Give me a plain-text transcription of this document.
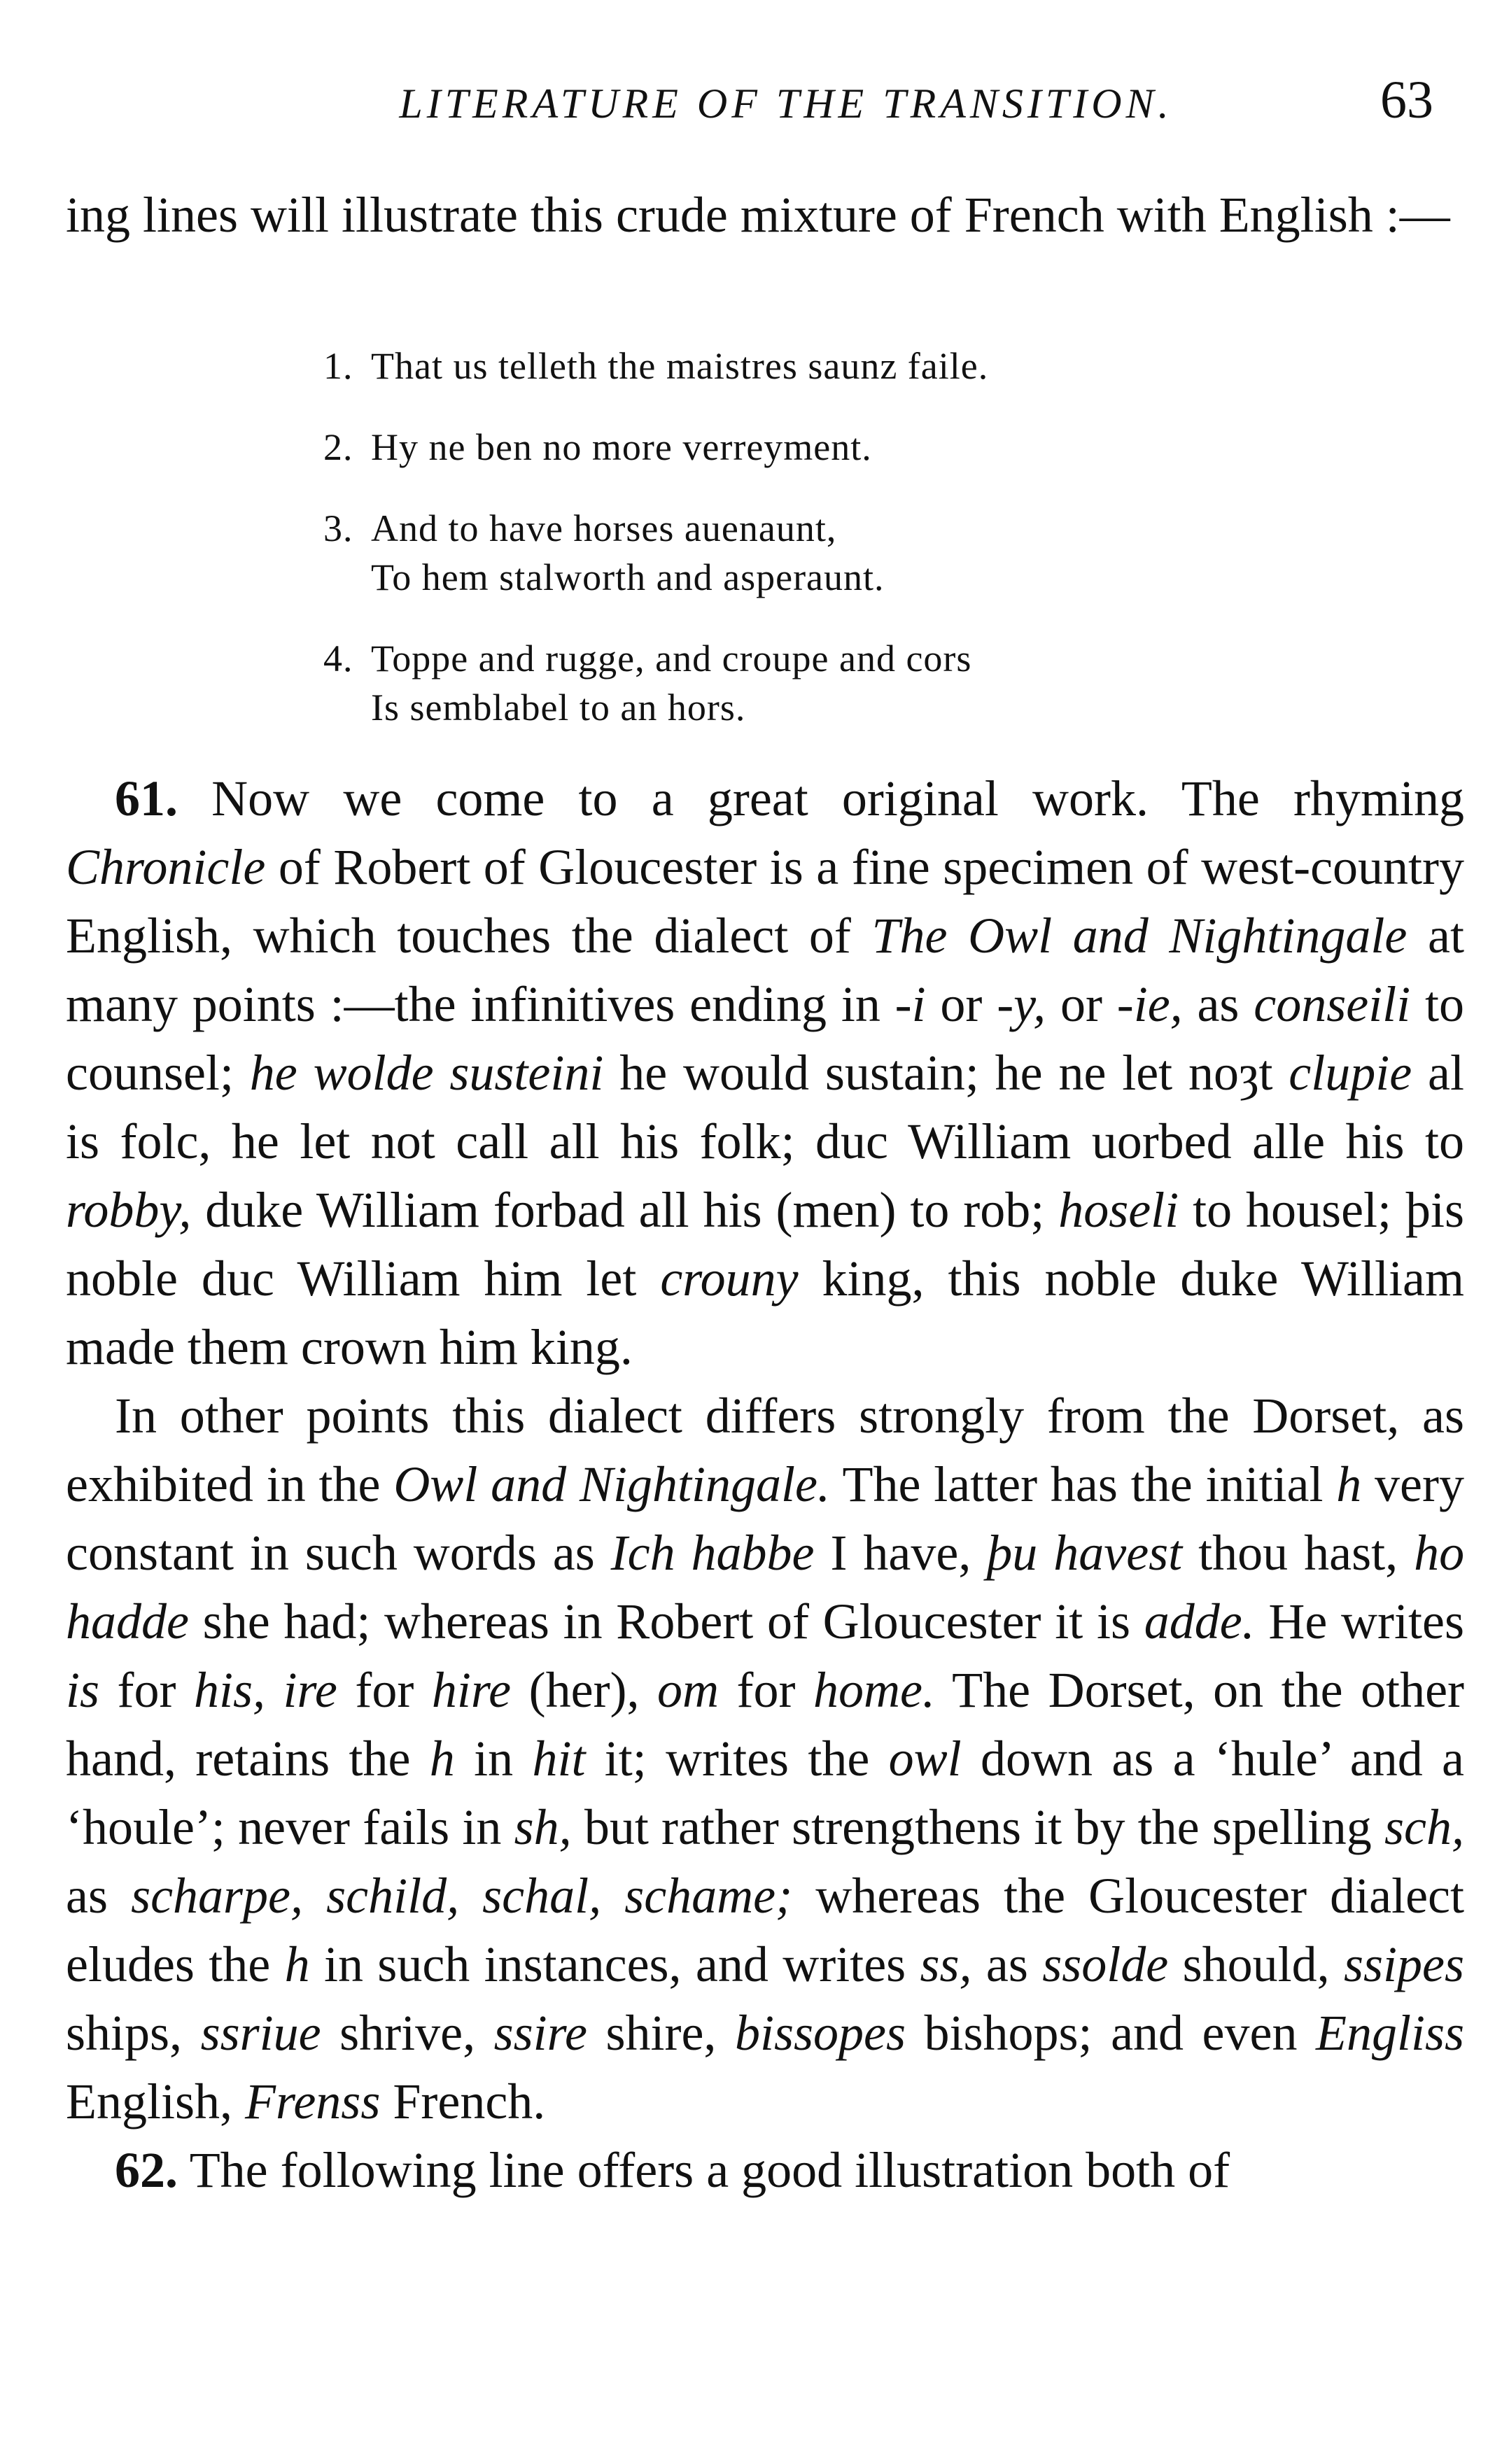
LITERATURE OF THE TRANSITION.	63

ing lines will illustrate this crude mixture of French with English :—

1. That us telleth the maistres saunz faile.
2. Hy ne ben no more verreyment.
3. And to have horses auenaunt,
To hem stalworth and asperaunt.
4. Toppe and rugge, and croupe and cors
Is semblabel to an hors.

61. Now we come to a great original work. The rhyming Chronicle of Robert of Gloucester is a fine specimen of west-country English, which touches the dialect of The Owl and Nightingale at many points :—the infinitives ending in -i or -y, or -ie, as conseili to counsel; he wolde susteini he would sustain; he ne let noȝt clupie al is folc, he let not call all his folk; duc William uorbed alle his to robby, duke William forbad all his (men) to rob; hoseli to housel; þis noble duc William him let crouny king, this noble duke William made them crown him king.

In other points this dialect differs strongly from the Dorset, as exhibited in the Owl and Nightingale. The latter has the initial h very constant in such words as Ich habbe I have, þu havest thou hast, ho hadde she had; whereas in Robert of Gloucester it is adde. He writes is for his, ire for hire (her), om for home. The Dorset, on the other hand, retains the h in hit it; writes the owl down as a ‘hule’ and a ‘houle’; never fails in sh, but rather strengthens it by the spelling sch, as scharpe, schild, schal, schame; whereas the Gloucester dialect eludes the h in such instances, and writes ss, as ssolde should, ssipes ships, ssriue shrive, ssire shire, bissopes bishops; and even Engliss English, Frenss French.

62. The following line offers a good illustration both of
